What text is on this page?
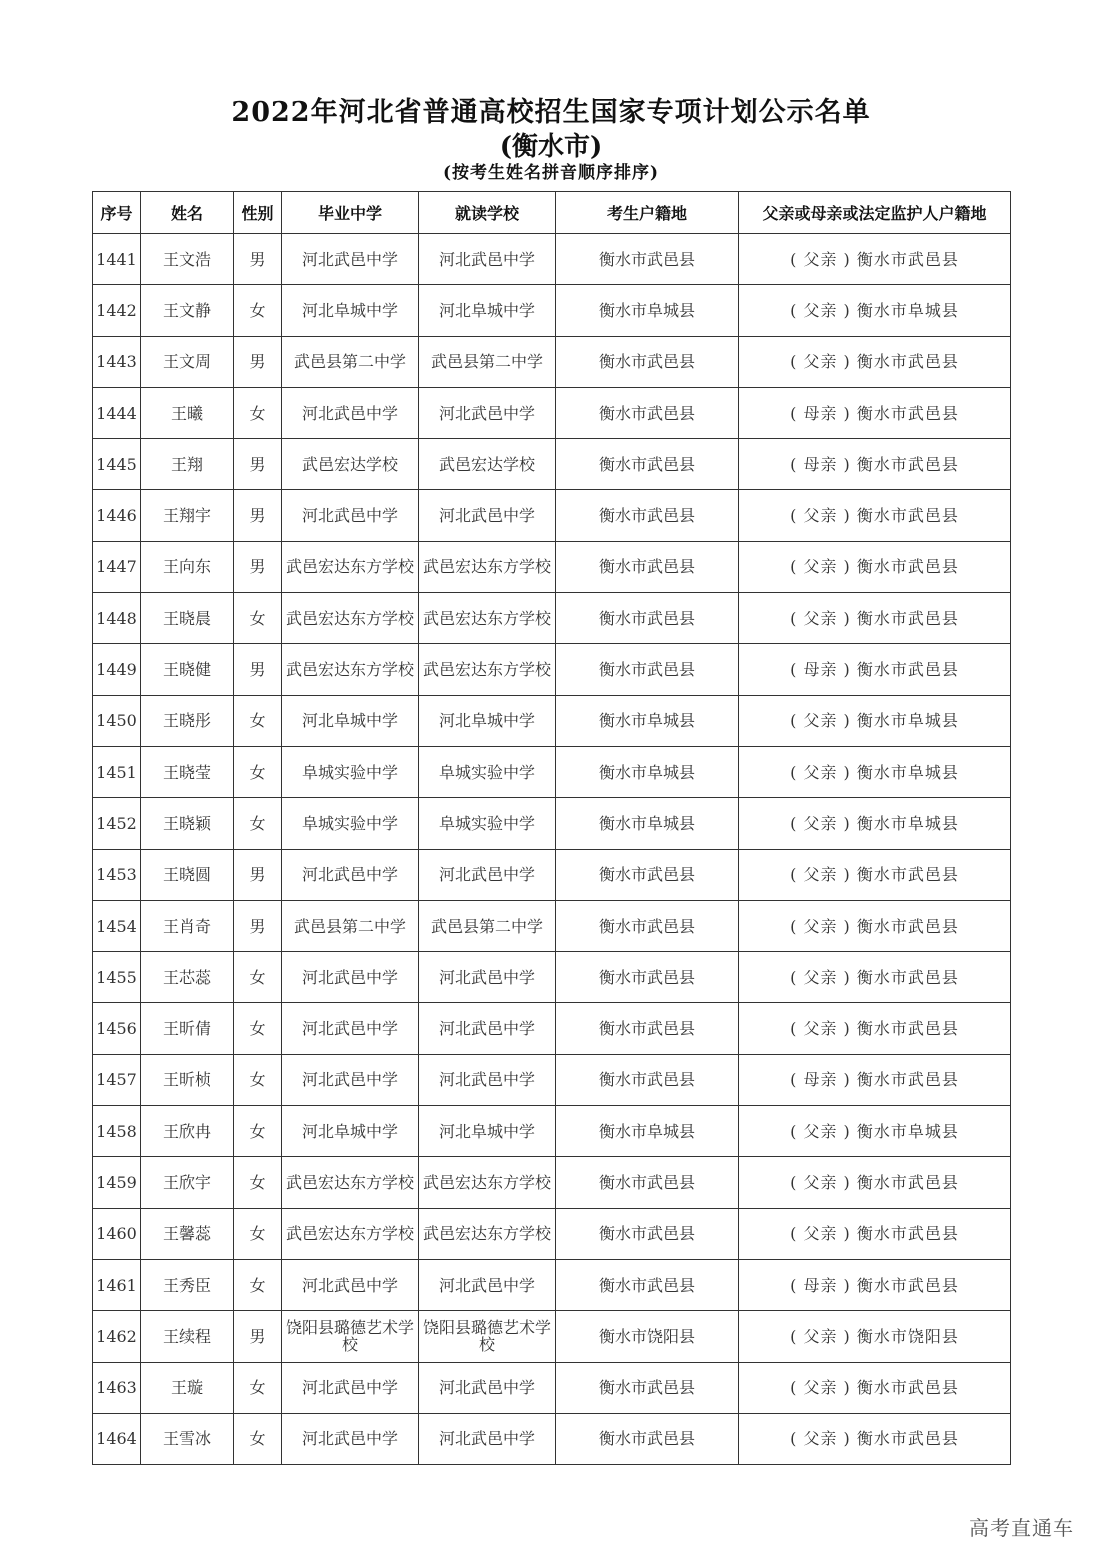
2022年河北省普通高校招生国家专项计划公示名单
(衡水市)
(按考生姓名拼音顺序排序)
序号	姓名	性别	毕业中学	就读学校	考生户籍地	父亲或母亲或法定监护人户籍地
1441	王文浩	男	河北武邑中学	河北武邑中学	衡水市武邑县	( 父亲 ) 衡水市武邑县
1442	王文静	女	河北阜城中学	河北阜城中学	衡水市阜城县	( 父亲 ) 衡水市阜城县
1443	王文周	男	武邑县第二中学	武邑县第二中学	衡水市武邑县	( 父亲 ) 衡水市武邑县
1444	王曦	女	河北武邑中学	河北武邑中学	衡水市武邑县	( 母亲 ) 衡水市武邑县
1445	王翔	男	武邑宏达学校	武邑宏达学校	衡水市武邑县	( 母亲 ) 衡水市武邑县
1446	王翔宇	男	河北武邑中学	河北武邑中学	衡水市武邑县	( 父亲 ) 衡水市武邑县
1447	王向东	男	武邑宏达东方学校	武邑宏达东方学校	衡水市武邑县	( 父亲 ) 衡水市武邑县
1448	王晓晨	女	武邑宏达东方学校	武邑宏达东方学校	衡水市武邑县	( 父亲 ) 衡水市武邑县
1449	王晓健	男	武邑宏达东方学校	武邑宏达东方学校	衡水市武邑县	( 母亲 ) 衡水市武邑县
1450	王晓彤	女	河北阜城中学	河北阜城中学	衡水市阜城县	( 父亲 ) 衡水市阜城县
1451	王晓莹	女	阜城实验中学	阜城实验中学	衡水市阜城县	( 父亲 ) 衡水市阜城县
1452	王晓颖	女	阜城实验中学	阜城实验中学	衡水市阜城县	( 父亲 ) 衡水市阜城县
1453	王晓圆	男	河北武邑中学	河北武邑中学	衡水市武邑县	( 父亲 ) 衡水市武邑县
1454	王肖奇	男	武邑县第二中学	武邑县第二中学	衡水市武邑县	( 父亲 ) 衡水市武邑县
1455	王芯蕊	女	河北武邑中学	河北武邑中学	衡水市武邑县	( 父亲 ) 衡水市武邑县
1456	王昕倩	女	河北武邑中学	河北武邑中学	衡水市武邑县	( 父亲 ) 衡水市武邑县
1457	王昕桢	女	河北武邑中学	河北武邑中学	衡水市武邑县	( 母亲 ) 衡水市武邑县
1458	王欣冉	女	河北阜城中学	河北阜城中学	衡水市阜城县	( 父亲 ) 衡水市阜城县
1459	王欣宇	女	武邑宏达东方学校	武邑宏达东方学校	衡水市武邑县	( 父亲 ) 衡水市武邑县
1460	王馨蕊	女	武邑宏达东方学校	武邑宏达东方学校	衡水市武邑县	( 父亲 ) 衡水市武邑县
1461	王秀臣	女	河北武邑中学	河北武邑中学	衡水市武邑县	( 母亲 ) 衡水市武邑县
1462	王续程	男	饶阳县璐德艺术学校	饶阳县璐德艺术学校	衡水市饶阳县	( 父亲 ) 衡水市饶阳县
1463	王璇	女	河北武邑中学	河北武邑中学	衡水市武邑县	( 父亲 ) 衡水市武邑县
1464	王雪冰	女	河北武邑中学	河北武邑中学	衡水市武邑县	( 父亲 ) 衡水市武邑县
高考直通车
